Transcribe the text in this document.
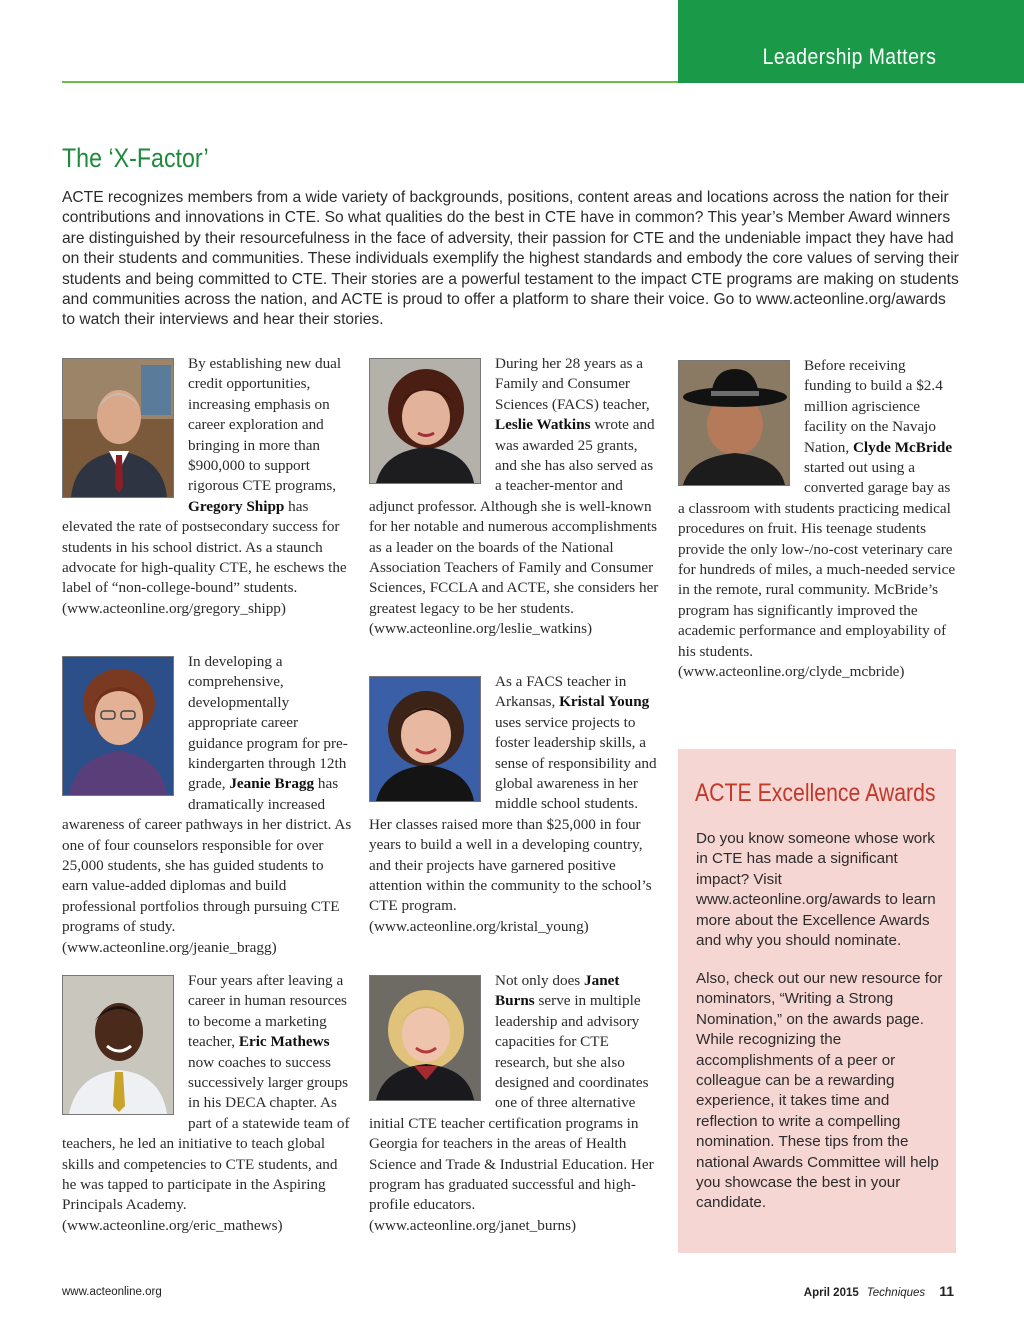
Leadership Matters
The ‘X-Factor’

ACTE recognizes members from a wide variety of backgrounds, positions, content areas and locations across the nation for their contributions and innovations in CTE. So what qualities do the best in CTE have in common? This year’s Member Award winners are distinguished by their resourcefulness in the face of adversity, their passion for CTE and the undeniable impact they have had on their students and communities. These individuals exemplify the highest standards and embody the core values of serving their students and being committed to CTE. Their stories are a powerful testament to the impact CTE programs are making on students and communities across the nation, and ACTE is proud to offer a platform to share their voice. Go to www.acteonline.org/awards to watch their interviews and hear their stories.

By establishing new dual credit opportunities, increasing emphasis on career exploration and bringing in more than $900,000 to support rigorous CTE programs, Gregory Shipp has elevated the rate of postsecondary success for students in his school district. As a staunch advocate for high-quality CTE, he eschews the label of “non-college-bound” students.
(www.acteonline.org/gregory_shipp)

In developing a comprehensive, developmentally appropriate career guidance program for pre-kindergarten through 12th grade, Jeanie Bragg has dramatically increased awareness of career pathways in her district. As one of four counselors responsible for over 25,000 students, she has guided students to earn value-added diplomas and build professional portfolios through pursuing CTE programs of study.
(www.acteonline.org/jeanie_bragg)

Four years after leaving a career in human resources to become a marketing teacher, Eric Mathews now coaches to success successively larger groups in his DECA chapter. As part of a statewide team of teachers, he led an initiative to teach global skills and competencies to CTE students, and he was tapped to participate in the Aspiring Principals Academy.
(www.acteonline.org/eric_mathews)

During her 28 years as a Family and Consumer Sciences (FACS) teacher, Leslie Watkins wrote and was awarded 25 grants, and she has also served as a teacher-mentor and adjunct professor. Although she is well-known for her notable and numerous accomplishments as a leader on the boards of the National Association Teachers of Family and Consumer Sciences, FCCLA and ACTE, she considers her greatest legacy to be her students.
(www.acteonline.org/leslie_watkins)

As a FACS teacher in Arkansas, Kristal Young uses service projects to foster leadership skills, a sense of responsibility and global awareness in her middle school students. Her classes raised more than $25,000 in four years to build a well in a developing country, and their projects have garnered positive attention within the community to the school’s CTE program.
(www.acteonline.org/kristal_young)

Not only does Janet Burns serve in multiple leadership and advisory capacities for CTE research, but she also designed and coordinates one of three alternative initial CTE teacher certification programs in Georgia for teachers in the areas of Health Science and Trade & Industrial Education. Her program has graduated successful and high-profile educators.
(www.acteonline.org/janet_burns)

Before receiving funding to build a $2.4 million agriscience facility on the Navajo Nation, Clyde McBride started out using a converted garage bay as a classroom with students practicing medical procedures on fruit. His teenage students provide the only low-/no-cost veterinary care for hundreds of miles, a much-needed service in the remote, rural community. McBride’s program has significantly improved the academic performance and employability of his students.
(www.acteonline.org/clyde_mcbride)

ACTE Excellence Awards

Do you know someone whose work in CTE has made a significant impact? Visit www.acteonline.org/awards to learn more about the Excellence Awards and why you should nominate.

Also, check out our new resource for nominators, “Writing a Strong Nomination,” on the awards page. While recognizing the accomplishments of a peer or colleague can be a rewarding experience, it takes time and reflection to write a compelling nomination. These tips from the national Awards Committee will help you showcase the best in your candidate.

www.acteonline.org	April 2015 Techniques 11
